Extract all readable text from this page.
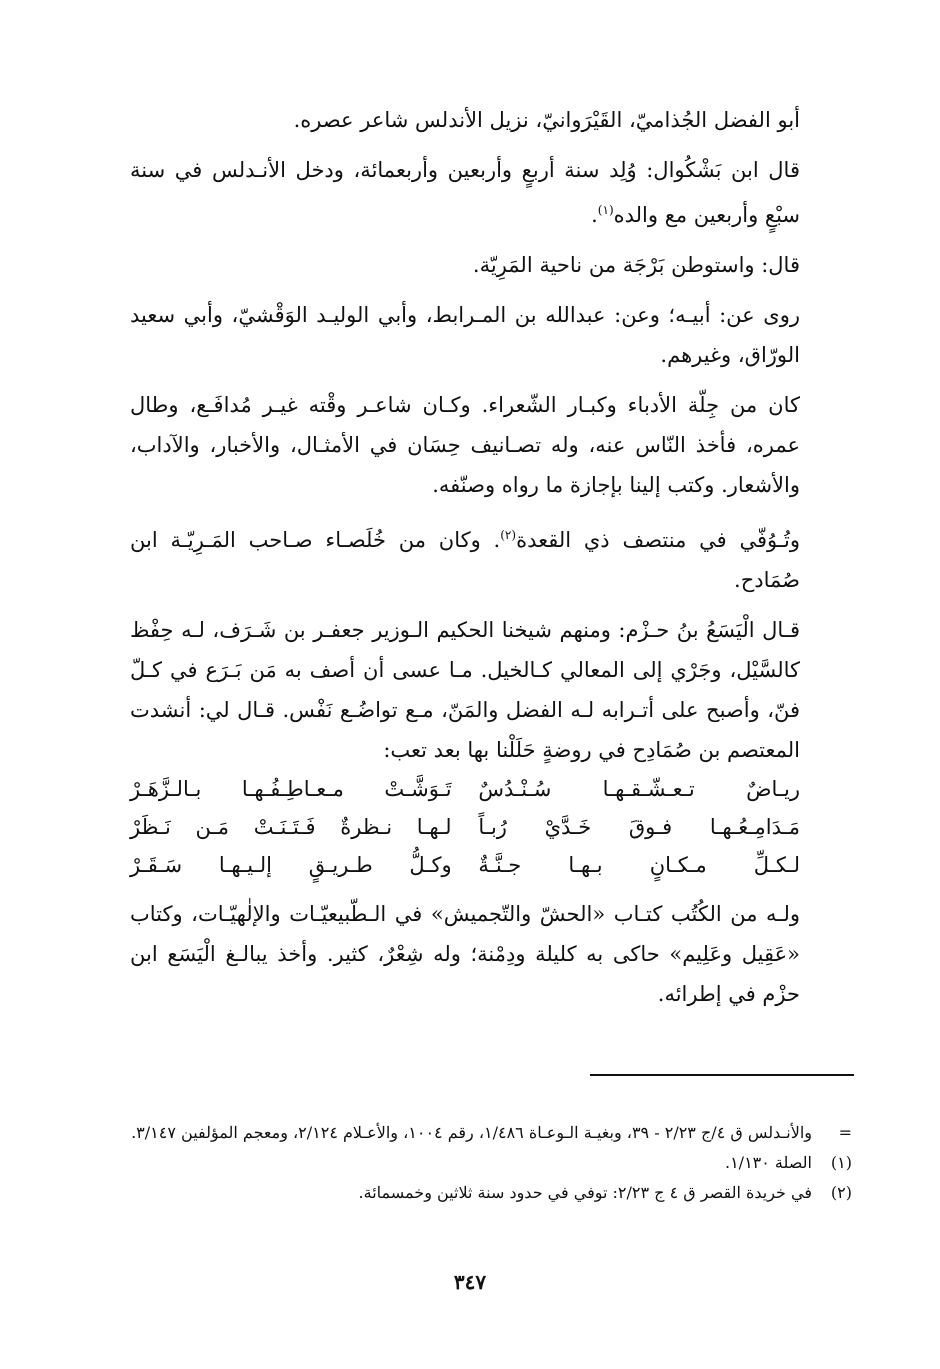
أبو الفضل الجُذاميّ، القَيْرَوانيّ، نزيل الأندلس شاعر عصره.

قال ابن بَشْكُوال: وُلِد سنة أربعٍ وأربعين وأربعمائة، ودخل الأنـدلس في سنة سبْعٍ وأربعين مع والده$^{(١)}$.

قال: واستوطن بَرْجَة من ناحية المَرِيّة.

روى عن: أبيـه؛ وعن: عبدالله بن المـرابط، وأبي الوليـد الوَقْشيّ، وأبي سعيد الورّاق، وغيرهم.

كان من جِلّة الأدباء وكبـار الشّعراء. وكـان شاعـر وقْته غيـر مُدافَـع، وطال عمره، فأخذ النّاس عنه، وله تصـانيف حِسَان في الأمثـال، والأخبار، والآداب، والأشعار. وكتب إلينا بإجازة ما رواه وصنّفه.

وتُـوُفّي في منتصف ذي القعدة$^{(٢)}$. وكان من خُلَصـاء صـاحب المَـرِيّـة ابن صُمَادح.

قـال الْيَسَعُ بنُ حـزْم: ومنهم شيخنا الحكيم الـوزير جعفـر بن شَـرَف، لـه حِفْظ كالسَّيْل، وجَرْي إلى المعالي كـالخيل. مـا عسى أن أصف به مَن بَـرَع في كـلّ فنّ، وأصبح على أتـرابه لـه الفضل والمَنّ، مـع تواضُـع نَفْس. قـال لي: أنشدت المعتصم بن صُمَادِح في روضةٍ حَلَلْنا بها بعد تعب:

ريـاضٌ تـعـشّـقـهـا سُـنْـدُسٌ
تَـوَشَّـتْ مـعـاطِـفُـهـا بـالـزَّهَـرْ
مَـدَامِـعُـهـا فـوقَ خَـدَّيْ رُبـاً
لـهـا نـظرةٌ فَـتَـنَـتْ مَـن نَـظَرْ
لـكـلِّ مـكـانٍ بـهـا جـنَّـةٌ
وكـلُّ طـريـقٍ إلـيـهـا سَـقَـرْ

ولـه من الكُتُب كتـاب «الحشّ والتّجميش» في الـطّبيعيّـات والإلٰهيّـات، وكتاب «عَقِيل وعَلِيم» حاكى به كليلة ودِمْنة؛ وله شِعْرٌ، كثير. وأخذ يبالـغ الْيَسَع ابن حزْم في إطرائه.

=
والأنـدلس ق ٤/ج ٢/٢٣ - ٣٩، وبغيـة الـوعـاة ١/٤٨٦، رقم ١٠٠٤، والأعـلام ٢/١٢٤، ومعجم المؤلفين ٣/١٤٧.
(١)
الصلة ١/١٣٠.
(٢)
في خريدة القصر ق ٤ ج ٢/٢٣: توفي في حدود سنة ثلاثين وخمسمائة.
٣٤٧
